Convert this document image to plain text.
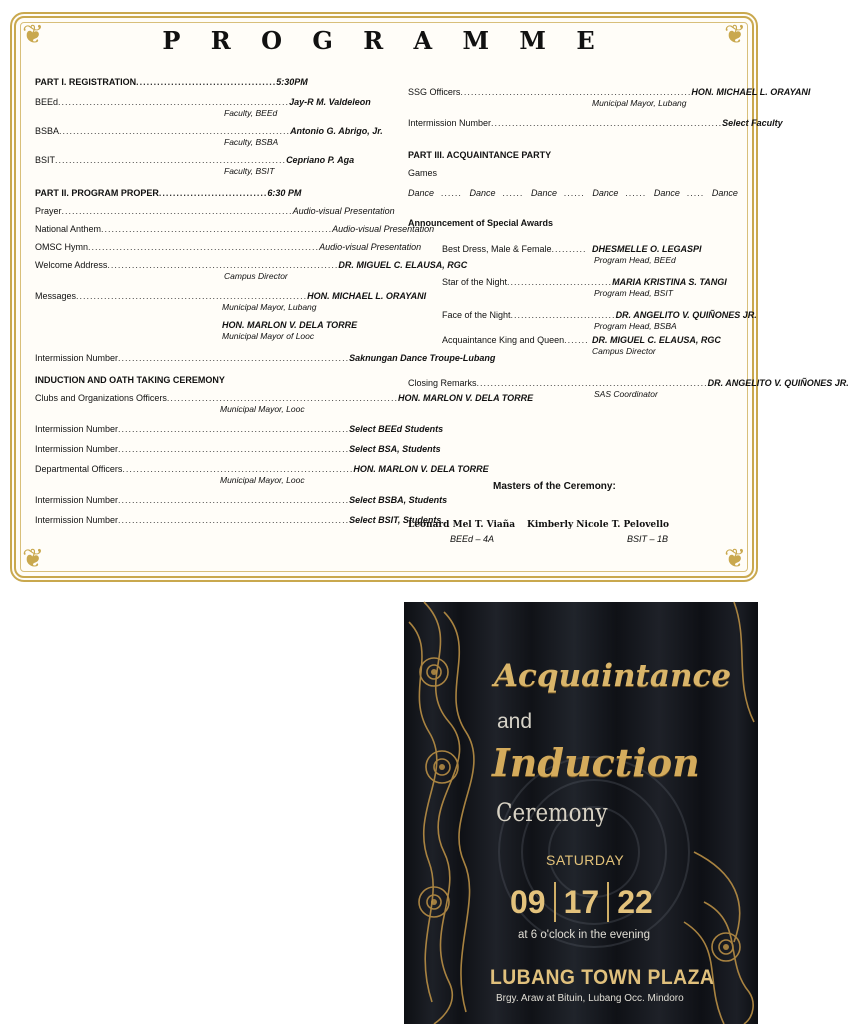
❦	❦
❦	❦
P R O G R A M M E
PART I. REGISTRATION ........................................ 5:30PM
BEEd .................................................................. Jay-R M. Valdeleon
Faculty, BEEd
BSBA .................................................................. Antonio G. Abrigo, Jr.
Faculty, BSBA
BSIT .................................................................. Cepriano P. Aga
Faculty, BSIT
PART II. PROGRAM PROPER ............................... 6:30 PM
Prayer .................................................................. Audio-visual Presentation
National Anthem .................................................................. Audio-visual Presentation
OMSC Hymn .................................................................. Audio-visual Presentation
Welcome Address .................................................................. DR. MIGUEL C. ELAUSA, RGC
Campus Director
Messages .................................................................. HON. MICHAEL L. ORAYANI
Municipal Mayor, Lubang
HON. MARLON V. DELA TORRE
Municipal Mayor of Looc
Intermission Number .................................................................. Saknungan Dance Troupe-Lubang
INDUCTION AND OATH TAKING CEREMONY
Clubs and Organizations Officers .................................................................. HON. MARLON V. DELA TORRE
Municipal Mayor, Looc
Intermission Number .................................................................. Select BEEd Students
Intermission Number .................................................................. Select BSA, Students
Departmental Officers .................................................................. HON. MARLON V. DELA TORRE
Municipal Mayor, Looc
Intermission Number .................................................................. Select BSBA, Students
Intermission Number .................................................................. Select BSIT, Students
SSG Officers .................................................................. HON. MICHAEL L. ORAYANI
Municipal Mayor, Lubang
Intermission Number .................................................................. Select Faculty
PART III. ACQUAINTANCE PARTY
Games
Dance ...... Dance ...... Dance ...... Dance ...... Dance ..... Dance
Announcement of Special Awards
Best Dress, Male & Female .......... DHESMELLE O. LEGASPI
Program Head, BEEd
Star of the Night .............................. MARIA KRISTINA S. TANGI
Program Head, BSIT
Face of the Night .............................. DR. ANGELITO V. QUIÑONES JR.
Program Head, BSBA
Acquaintance King and Queen ....... DR. MIGUEL C. ELAUSA, RGC
Campus Director
Closing Remarks .................................................................. DR. ANGELITO V. QUIÑONES JR.
SAS Coordinator
Masters of the Ceremony:
Leonard Mel T. Viaña
BEEd – 4A
Kimberly Nicole T. Pelovello
BSIT – 1B
Acquaintance
and
Induction
Ceremony
SATURDAY
09 17 22
at 6 o'clock in the evening
LUBANG TOWN PLAZA
Brgy. Araw at Bituin, Lubang Occ. Mindoro
